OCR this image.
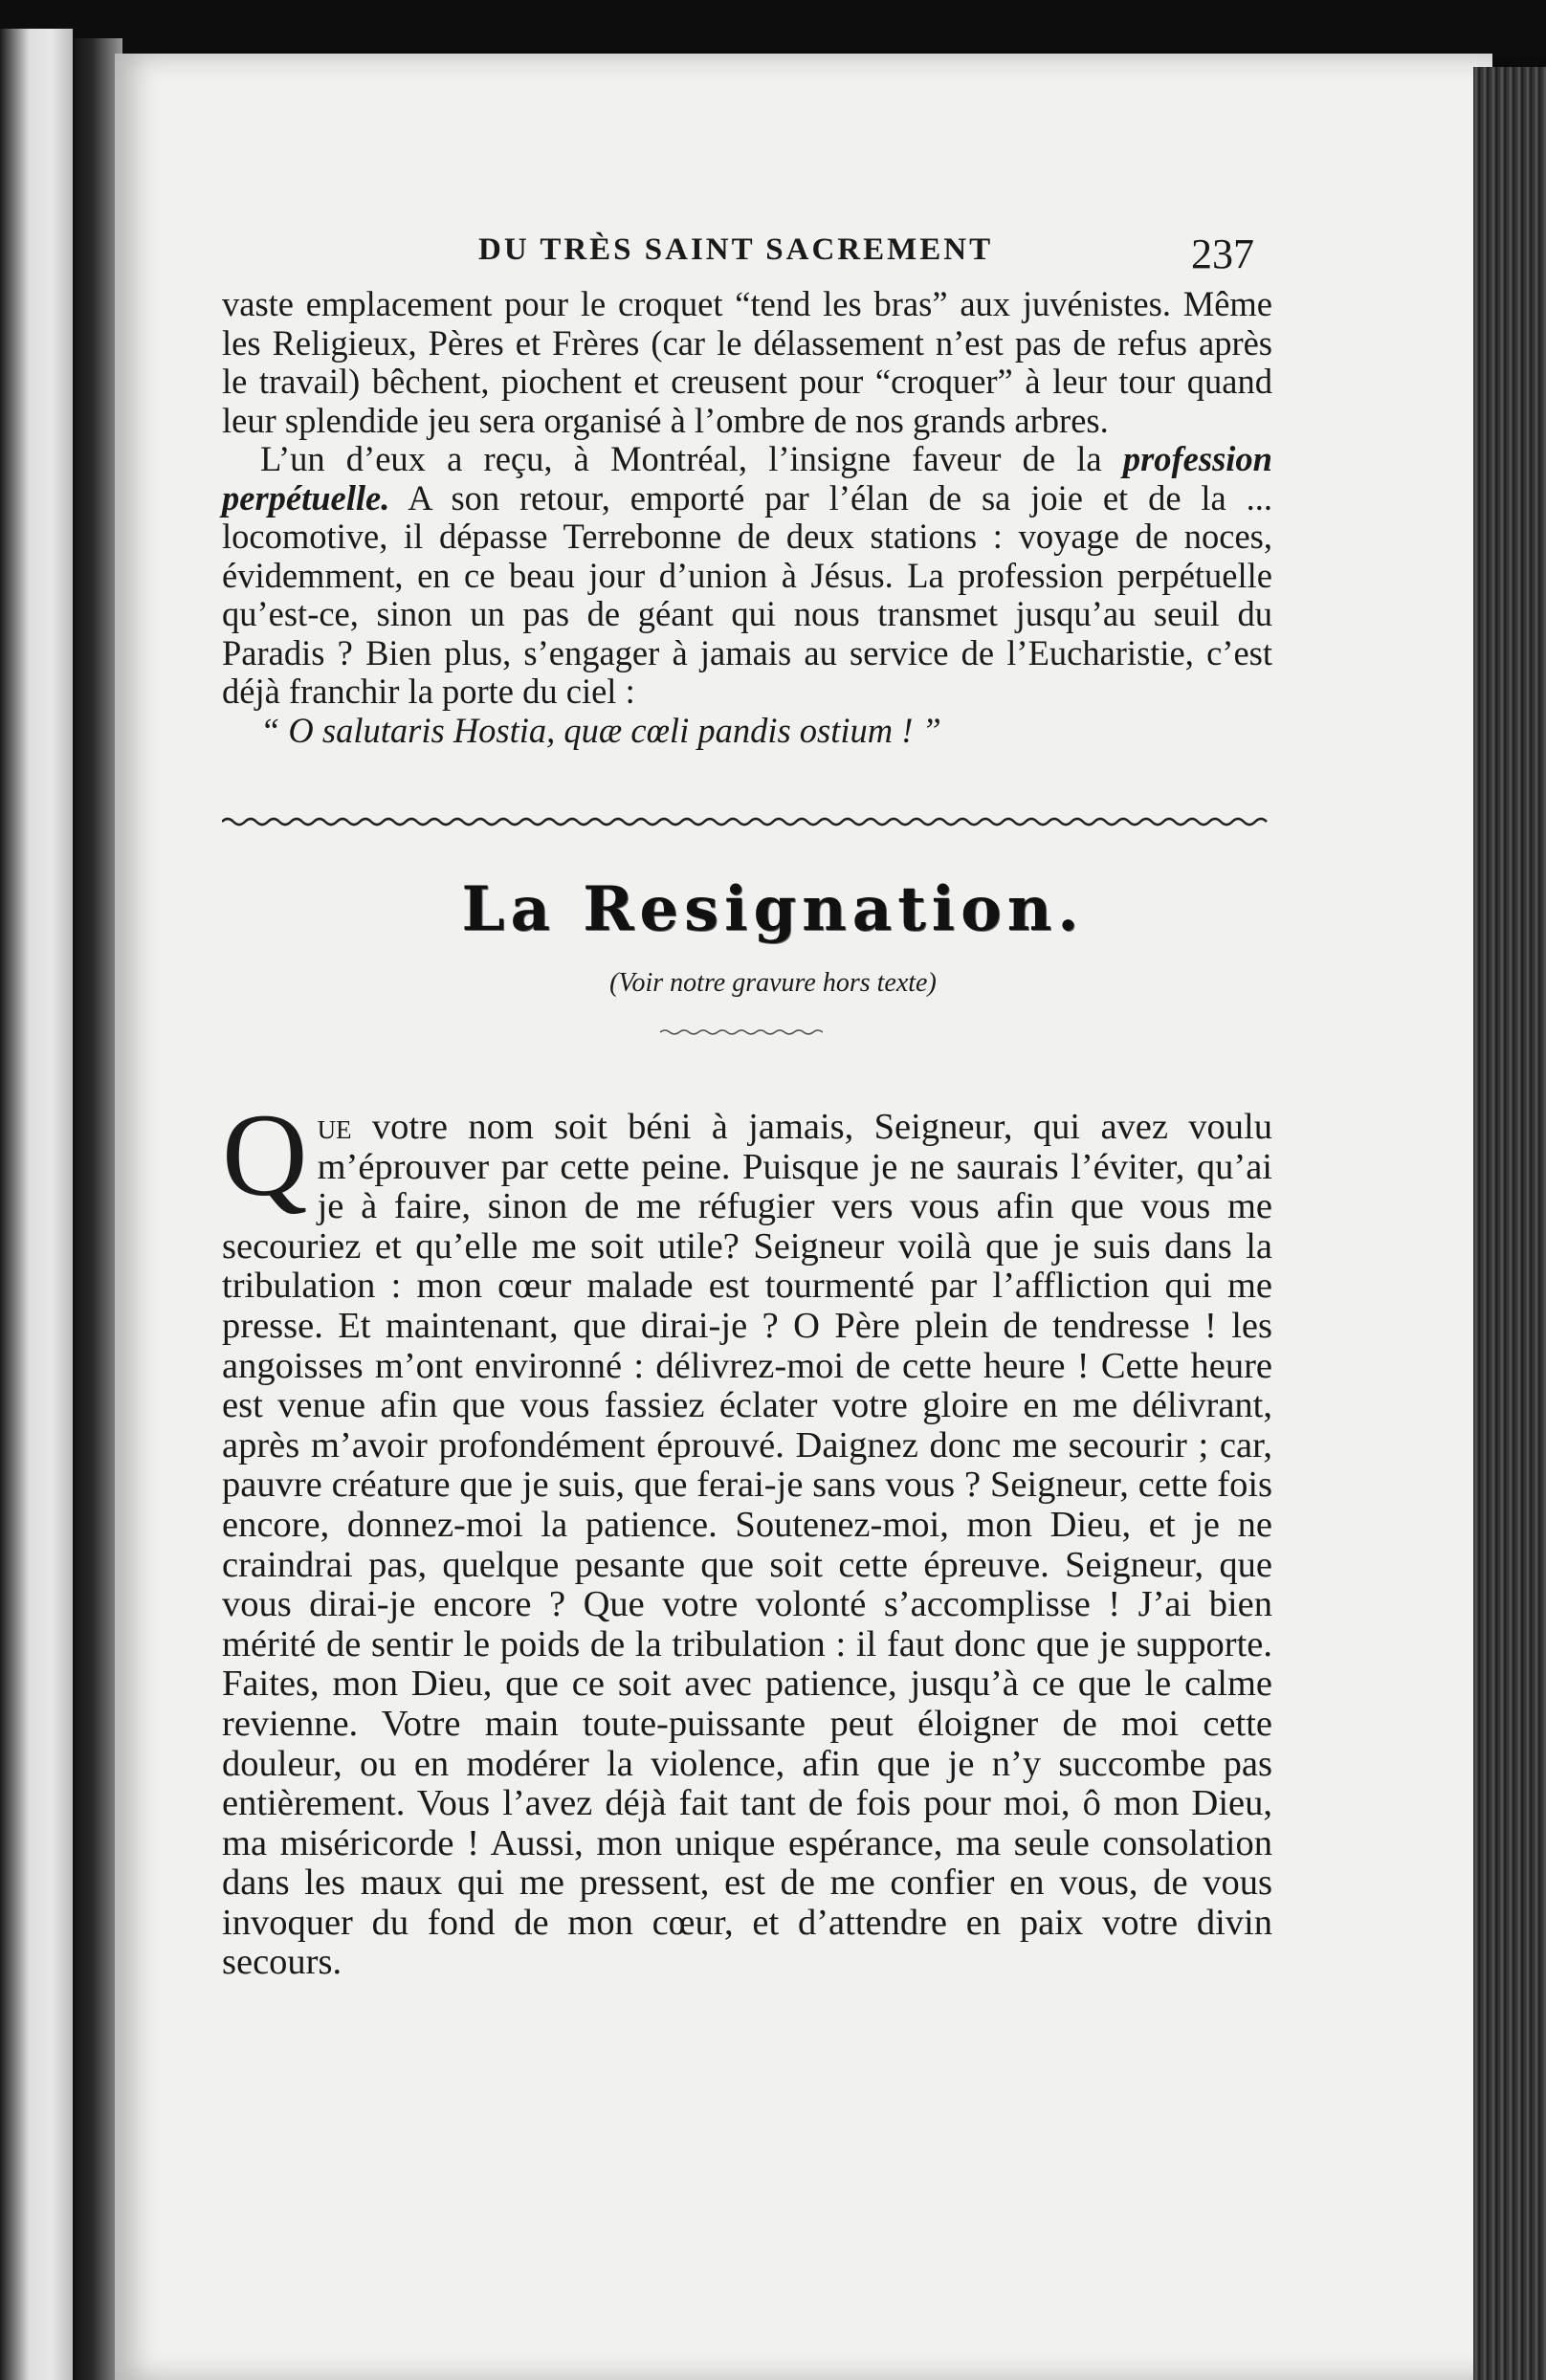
DU TRÈS SAINT SACREMENT	237

vaste emplacement pour le croquet “tend les bras” aux juvénistes. Même les Religieux, Pères et Frères (car le délassement n’est pas de refus après le travail) bêchent, piochent et creusent pour “croquer” à leur tour quand leur splendide jeu sera organisé à l’ombre de nos grands arbres.

L’un d’eux a reçu, à Montréal, l’insigne faveur de la profession perpétuelle. A son retour, emporté par l’élan de sa joie et de la ... locomotive, il dépasse Terrebonne de deux stations : voyage de noces, évidemment, en ce beau jour d’union à Jésus. La profession perpétuelle qu’est-ce, sinon un pas de géant qui nous transmet jusqu’au seuil du Paradis ? Bien plus, s’engager à jamais au service de l’Eucharistie, c’est déjà franchir la porte du ciel :

“ O salutaris Hostia, quæ cœli pandis ostium ! ”

La Resignation.
(Voir notre gravure hors texte)

Que votre nom soit béni à jamais, Seigneur, qui avez voulu m’éprouver par cette peine. Puisque je ne saurais l’éviter, qu’ai je à faire, sinon de me réfugier vers vous afin que vous me secouriez et qu’elle me soit utile? Seigneur voilà que je suis dans la tribulation : mon cœur malade est tourmenté par l’affliction qui me presse. Et maintenant, que dirai-je ? O Père plein de tendresse ! les angoisses m’ont environné : délivrez-moi de cette heure ! Cette heure est venue afin que vous fassiez éclater votre gloire en me délivrant, après m’avoir profondément éprouvé. Daignez donc me secourir ; car, pauvre créature que je suis, que ferai-je sans vous ? Seigneur, cette fois encore, donnez-moi la patience. Soutenez-moi, mon Dieu, et je ne craindrai pas, quelque pesante que soit cette épreuve. Seigneur, que vous dirai-je encore ? Que votre volonté s’accomplisse ! J’ai bien mérité de sentir le poids de la tribulation : il faut donc que je supporte. Faites, mon Dieu, que ce soit avec patience, jusqu’à ce que le calme revienne. Votre main toute-puissante peut éloigner de moi cette douleur, ou en modérer la violence, afin que je n’y succombe pas entièrement. Vous l’avez déjà fait tant de fois pour moi, ô mon Dieu, ma miséricorde ! Aussi, mon unique espérance, ma seule consolation dans les maux qui me pressent, est de me confier en vous, de vous invoquer du fond de mon cœur, et d’attendre en paix votre divin secours.
